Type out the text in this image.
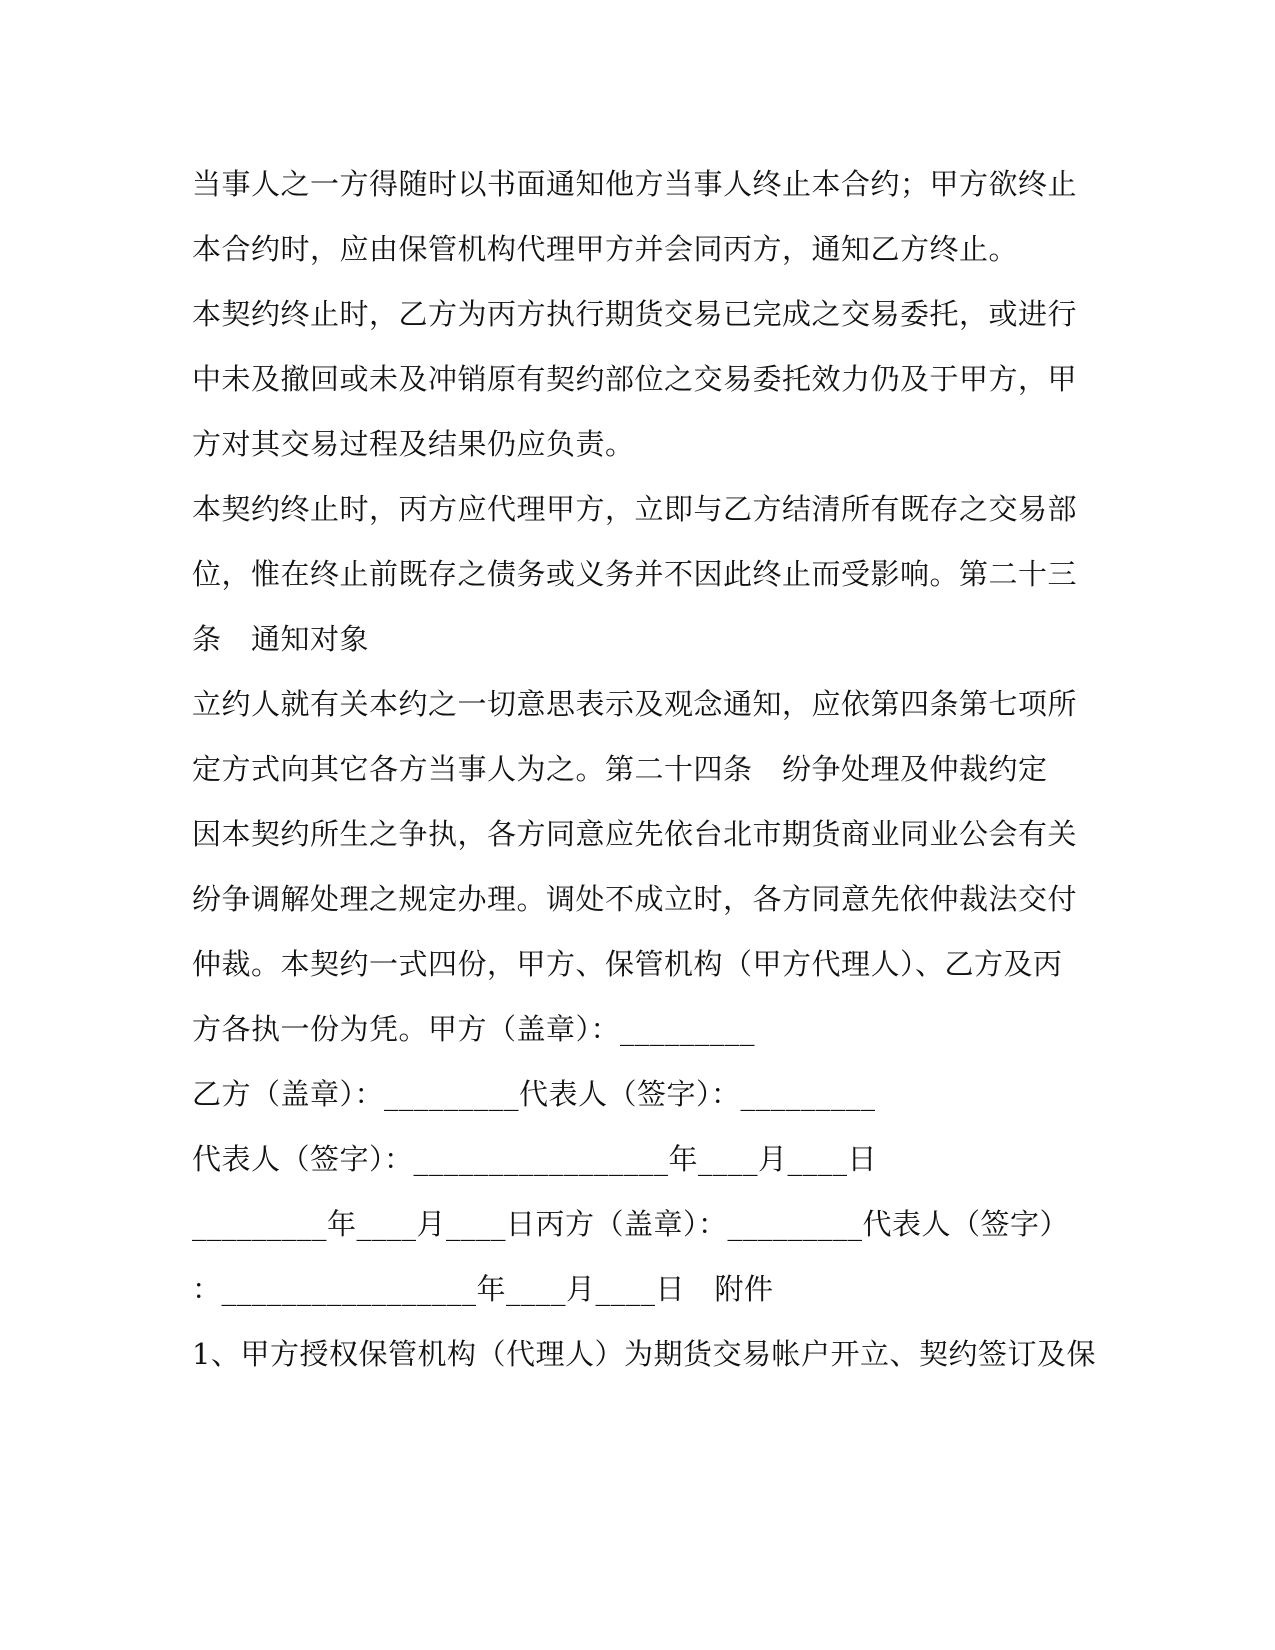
当事人之一方得随时以书面通知他方当事人终止本合约；甲方欲终止
本合约时，应由保管机构代理甲方并会同丙方，通知乙方终止。
本契约终止时，乙方为丙方执行期货交易已完成之交易委托，或进行
中未及撤回或未及冲销原有契约部位之交易委托效力仍及于甲方，甲
方对其交易过程及结果仍应负责。
本契约终止时，丙方应代理甲方，立即与乙方结清所有既存之交易部
位，惟在终止前既存之债务或义务并不因此终止而受影响。第二十三
条　通知对象
立约人就有关本约之一切意思表示及观念通知，应依第四条第七项所
定方式向其它各方当事人为之。第二十四条　纷争处理及仲裁约定
因本契约所生之争执，各方同意应先依台北市期货商业同业公会有关
纷争调解处理之规定办理。调处不成立时，各方同意先依仲裁法交付
仲裁。本契约一式四份，甲方、保管机构（甲方代理人）、乙方及丙
方各执一份为凭。甲方（盖章）：_________
乙方（盖章）：_________代表人（签字）：_________
代表人（签字）：_________________年____月____日
_________年____月____日丙方（盖章）：_________代表人（签字）
：_________________年____月____日　附件
1、甲方授权保管机构（代理人）为期货交易帐户开立、契约签订及保
